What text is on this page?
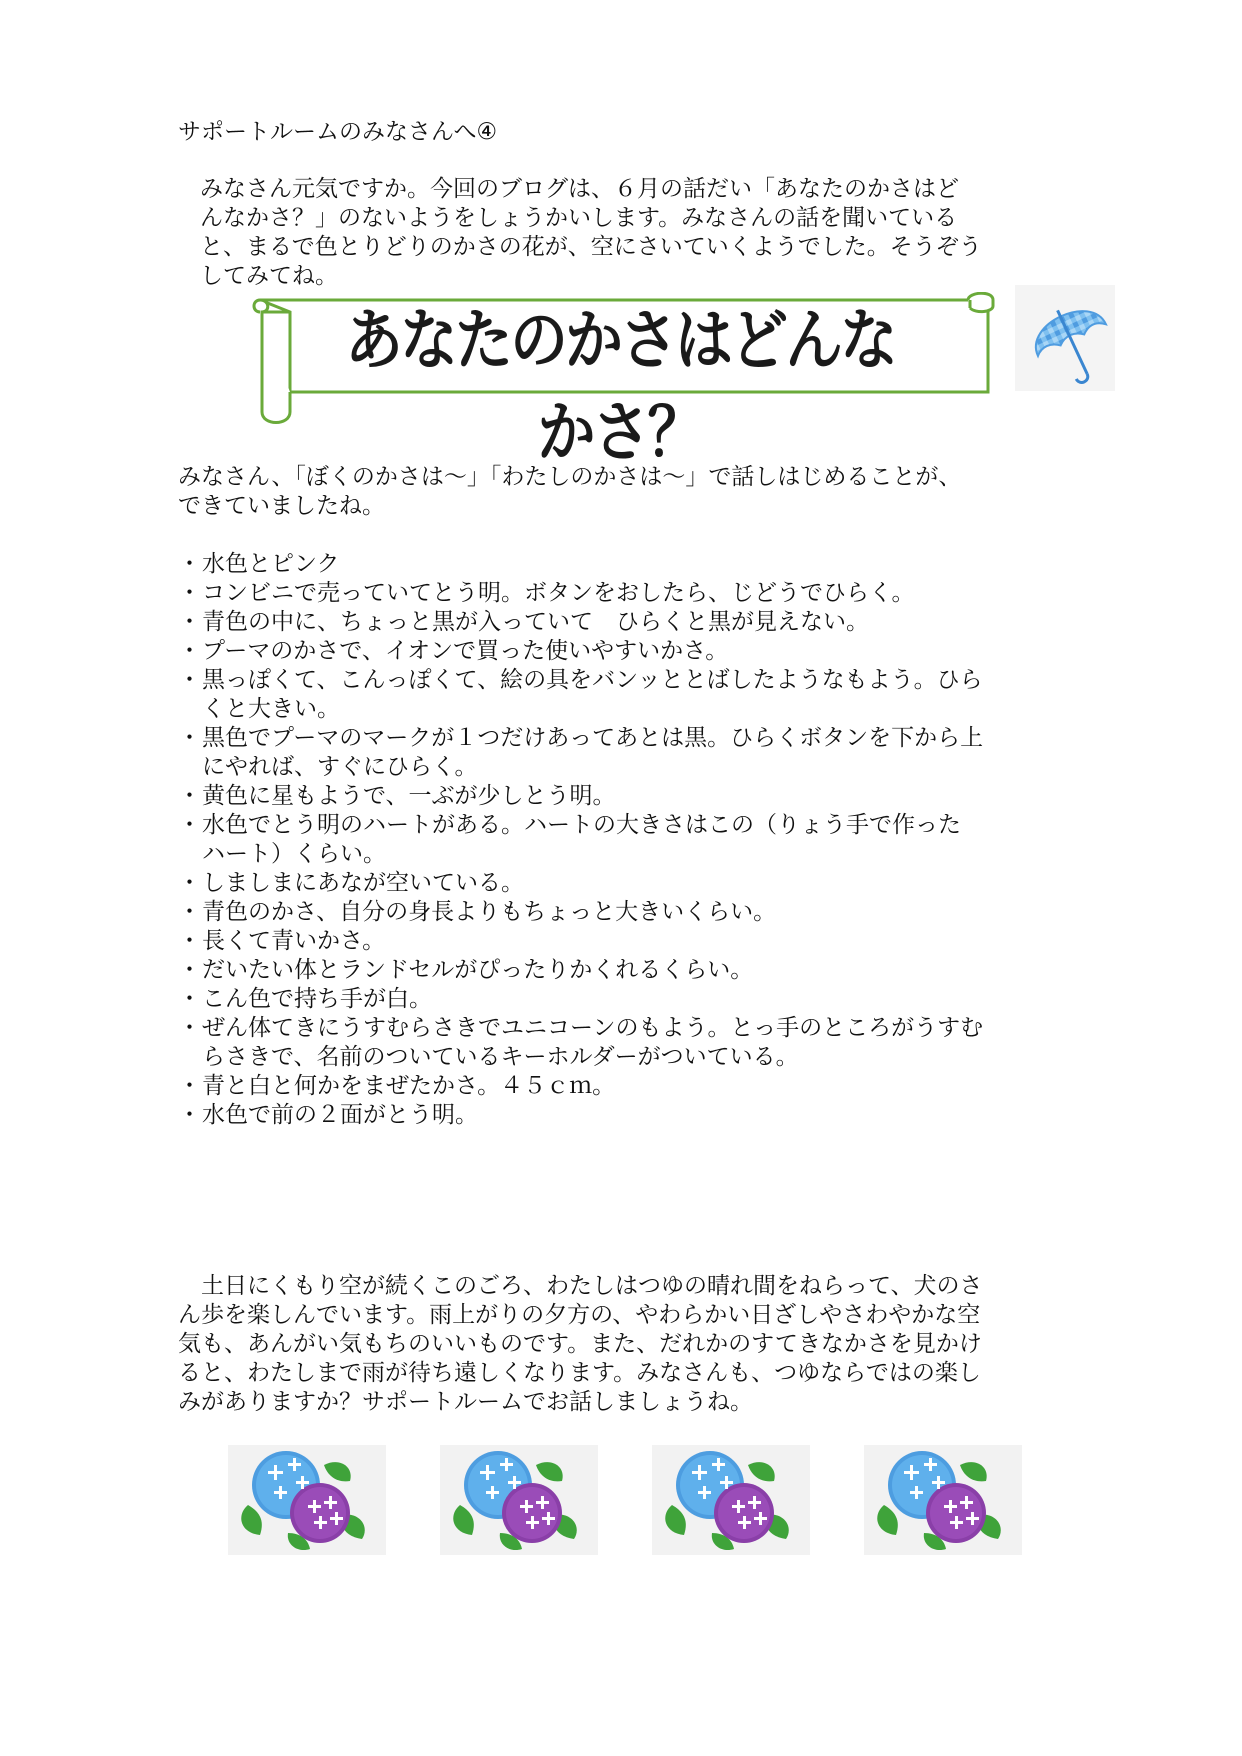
サポートルームのみなさんへ④

みなさん元気ですか。今回のブログは、６月の話だい「あなたのかさはど
んなかさ？」のないようをしょうかいします。みなさんの話を聞いている
と、まるで色とりどりのかさの花が、空にさいていくようでした。そうぞう
してみてね。
あなたのかさはどんなかさ？
みなさん、「ぼくのかさは〜」「わたしのかさは〜」で話しはじめることが、
できていましたね。
・ 水色とピンク
・ コンビニで売っていてとう明。ボタンをおしたら、じどうでひらく。
・ 青色の中に、ちょっと黒が入っていて　ひらくと黒が見えない。
・ プーマのかさで、イオンで買った使いやすいかさ。
・ 黒っぽくて、こんっぽくて、絵の具をバンッととばしたようなもよう。ひら
くと大きい。
・ 黒色でプーマのマークが１つだけあってあとは黒。ひらくボタンを下から上
にやれば、すぐにひらく。
・ 黄色に星もようで、一ぶが少しとう明。
・ 水色でとう明のハートがある。ハートの大きさはこの（りょう手で作った
ハート）くらい。
・ しましまにあなが空いている。
・ 青色のかさ、自分の身長よりもちょっと大きいくらい。
・ 長くて青いかさ。
・ だいたい体とランドセルがぴったりかくれるくらい。
・ こん色で持ち手が白。
・ ぜん体てきにうすむらさきでユニコーンのもよう。とっ手のところがうすむ
らさきで、名前のついているキーホルダーがついている。
・ 青と白と何かをまぜたかさ。４５ｃｍ。
・ 水色で前の２面がとう明。
　土日にくもり空が続くこのごろ、わたしはつゆの晴れ間をねらって、犬のさ
ん歩を楽しんでいます。雨上がりの夕方の、やわらかい日ざしやさわやかな空
気も、あんがい気もちのいいものです。また、だれかのすてきなかさを見かけ
ると、わたしまで雨が待ち遠しくなります。みなさんも、つゆならではの楽し
みがありますか？サポートルームでお話しましょうね。
